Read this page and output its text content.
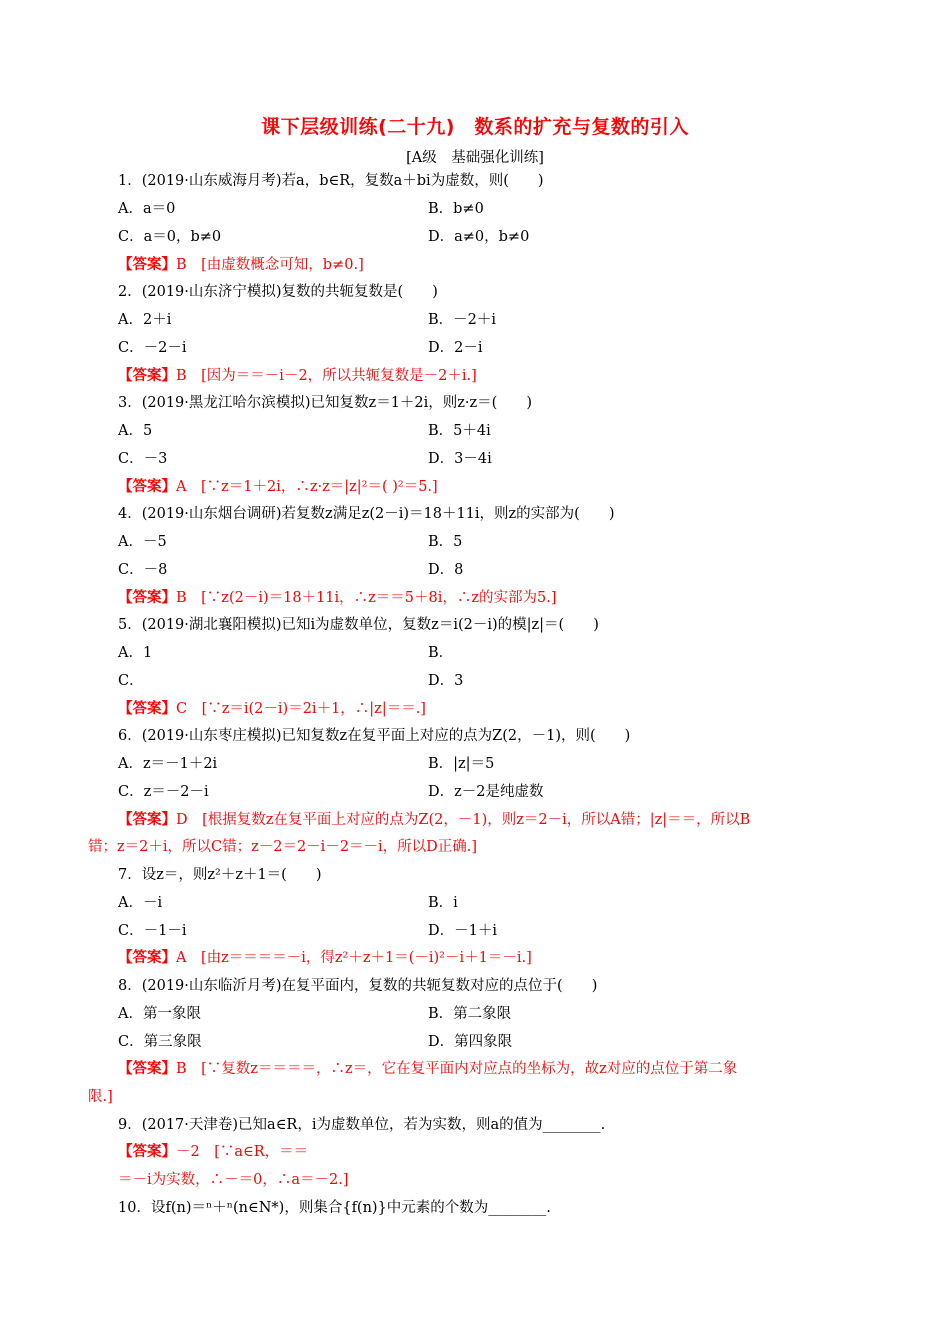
课下层级训练(二十九)　数系的扩充与复数的引入
[A级　基础强化训练]
1．(2019·山东威海月考)若a，b∈R，复数a＋bi为虚数，则(　　)
A．a＝0	B．b≠0
C．a＝0，b≠0	D．a≠0，b≠0
【答案】B　[由虚数概念可知，b≠0.]
2．(2019·山东济宁模拟)复数的共轭复数是(　　)
A．2＋i	B．－2＋i
C．－2－i	D．2－i
【答案】B　[因为＝＝－i－2，所以共轭复数是－2＋i.]
3．(2019·黑龙江哈尔滨模拟)已知复数z＝1＋2i，则z·z＝(　　)
A．5	B．5＋4i
C．－3	D．3－4i
【答案】A　[∵z＝1＋2i，∴z·z＝|z|²＝( )²＝5.]
4．(2019·山东烟台调研)若复数z满足z(2－i)＝18＋11i，则z的实部为(　　)
A．－5	B．5
C．－8	D．8
【答案】B　[∵z(2－i)＝18＋11i，∴z＝＝5＋8i，∴z的实部为5.]
5．(2019·湖北襄阳模拟)已知i为虚数单位，复数z＝i(2－i)的模|z|＝(　　)
A．1	B．
C．	D．3
【答案】C　[∵z＝i(2－i)＝2i＋1，∴|z|＝＝.]
6．(2019·山东枣庄模拟)已知复数z在复平面上对应的点为Z(2，－1)，则(　　)
A．z＝－1＋2i	B．|z|＝5
C．z＝－2－i	D．z－2是纯虚数
【答案】D　[根据复数z在复平面上对应的点为Z(2，－1)，则z＝2－i，所以A错；|z|＝＝，所以B
错；z＝2＋i，所以C错；z－2＝2－i－2＝－i，所以D正确.]
7．设z＝，则z²＋z＋1＝(　　)
A．－i	B．i
C．－1－i	D．－1＋i
【答案】A　[由z＝＝＝＝－i，得z²＋z＋1＝(－i)²－i＋1＝－i.]
8．(2019·山东临沂月考)在复平面内，复数的共轭复数对应的点位于(　　)
A．第一象限	B．第二象限
C．第三象限	D．第四象限
【答案】B　[∵复数z＝＝＝＝，∴z＝，它在复平面内对应点的坐标为，故z对应的点位于第二象
限.]
9．(2017·天津卷)已知a∈R，i为虚数单位，若为实数，则a的值为________.
【答案】－2　[∵a∈R，＝＝
＝－i为实数，∴－＝0，∴a＝－2.]
10．设f(n)＝ⁿ＋ⁿ(n∈N*)，则集合{f(n)}中元素的个数为________.
